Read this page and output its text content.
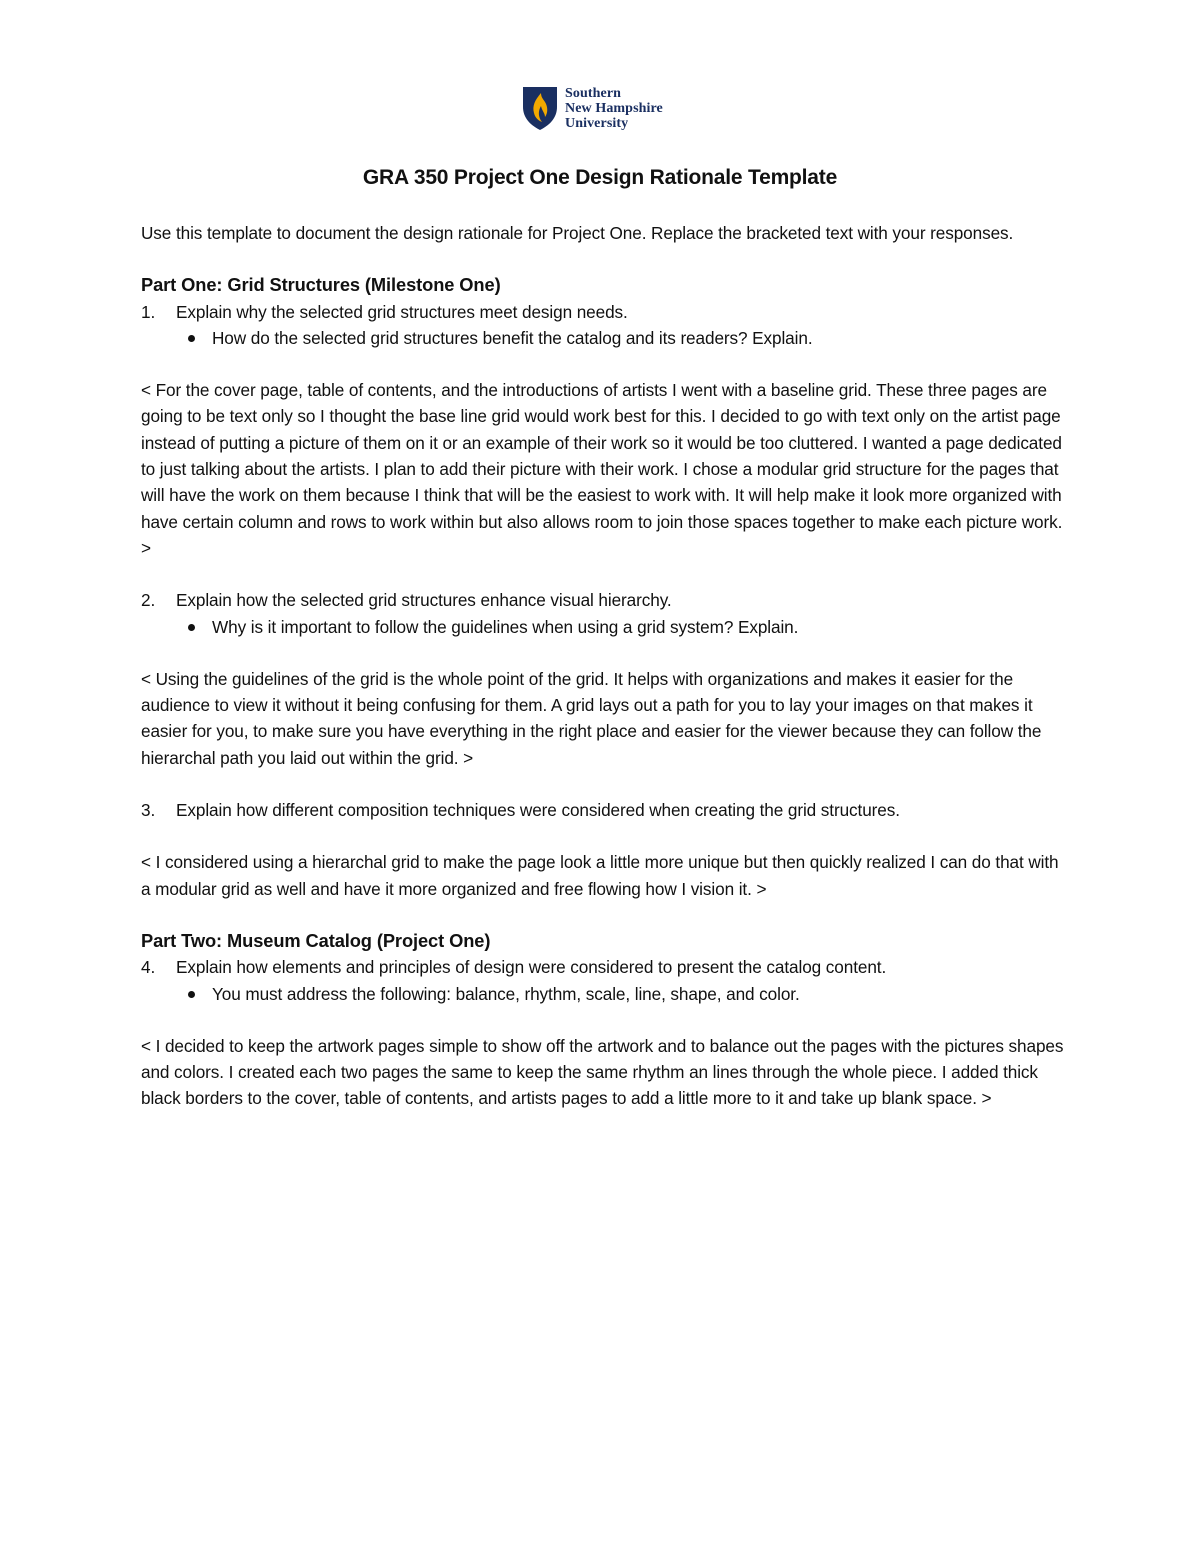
Southern
New Hampshire
University
GRA 350 Project One Design Rationale Template

Use this template to document the design rationale for Project One. Replace the bracketed text with your responses.

Part One: Grid Structures (Milestone One)

1.	Explain why the selected grid structures meet design needs.
How do the selected grid structures benefit the catalog and its readers? Explain.

< For the cover page, table of contents, and the introductions of artists I went with a baseline grid. These three pages are going to be text only so I thought the base line grid would work best for this. I decided to go with text only on the artist page instead of putting a picture of them on it or an example of their work so it would be too cluttered. I wanted a page dedicated to just talking about the artists. I plan to add their picture with their work. I chose a modular grid structure for the pages that will have the work on them because I think that will be the easiest to work with. It will help make it look more organized with have certain column and rows to work within but also allows room to join those spaces together to make each picture work. >

2.	Explain how the selected grid structures enhance visual hierarchy.
Why is it important to follow the guidelines when using a grid system? Explain.

< Using the guidelines of the grid is the whole point of the grid. It helps with organizations and makes it easier for the audience to view it without it being confusing for them. A grid lays out a path for you to lay your images on that makes it easier for you, to make sure you have everything in the right place and easier for the viewer because they can follow the hierarchal path you laid out within the grid. >

3.	Explain how different composition techniques were considered when creating the grid structures.

< I considered using a hierarchal grid to make the page look a little more unique but then quickly realized I can do that with a modular grid as well and have it more organized and free flowing how I vision it. >

Part Two: Museum Catalog (Project One)

4.	Explain how elements and principles of design were considered to present the catalog content.
You must address the following: balance, rhythm, scale, line, shape, and color.

< I decided to keep the artwork pages simple to show off the artwork and to balance out the pages with the pictures shapes and colors. I created each two pages the same to keep the same rhythm an lines through the whole piece. I added thick black borders to the cover, table of contents, and artists pages to add a little more to it and take up blank space. >
